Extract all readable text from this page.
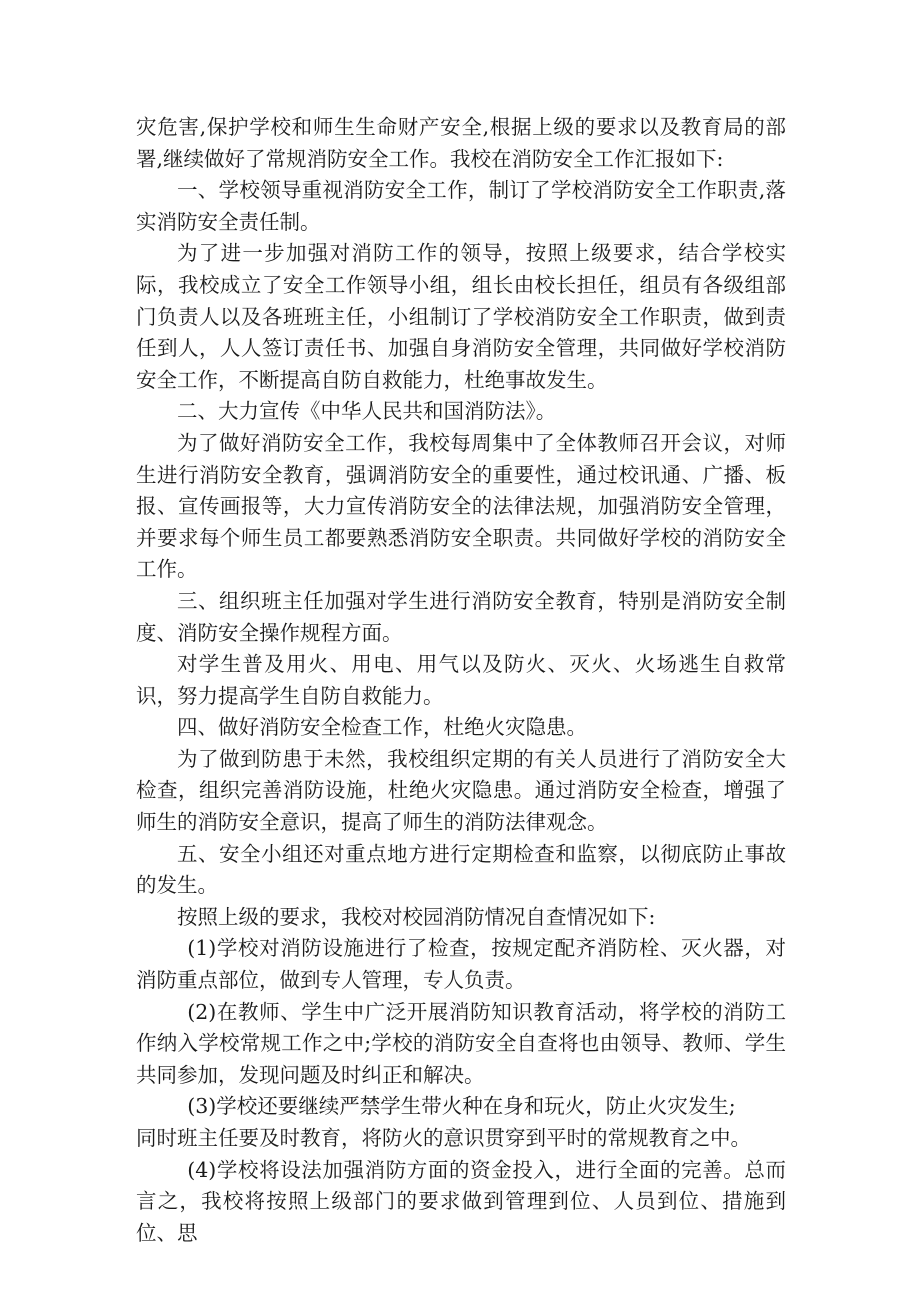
灾危害,保护学校和师生生命财产安全,根据上级的要求以及教育局的部署,继续做好了常规消防安全工作。我校在消防安全工作汇报如下:

一、学校领导重视消防安全工作，制订了学校消防安全工作职责,落实消防安全责任制。

为了进一步加强对消防工作的领导，按照上级要求，结合学校实际，我校成立了安全工作领导小组，组长由校长担任，组员有各级组部门负责人以及各班班主任，小组制订了学校消防安全工作职责，做到责任到人，人人签订责任书、加强自身消防安全管理，共同做好学校消防安全工作，不断提高自防自救能力，杜绝事故发生。

二、大力宣传《中华人民共和国消防法》。

为了做好消防安全工作，我校每周集中了全体教师召开会议，对师生进行消防安全教育，强调消防安全的重要性，通过校讯通、广播、板报、宣传画报等，大力宣传消防安全的法律法规，加强消防安全管理，并要求每个师生员工都要熟悉消防安全职责。共同做好学校的消防安全工作。

三、组织班主任加强对学生进行消防安全教育，特别是消防安全制度、消防安全操作规程方面。

对学生普及用火、用电、用气以及防火、灭火、火场逃生自救常识，努力提高学生自防自救能力。

四、做好消防安全检查工作，杜绝火灾隐患。

为了做到防患于未然，我校组织定期的有关人员进行了消防安全大检查，组织完善消防设施，杜绝火灾隐患。通过消防安全检查，增强了师生的消防安全意识，提高了师生的消防法律观念。

五、安全小组还对重点地方进行定期检查和监察，以彻底防止事故的发生。

按照上级的要求，我校对校园消防情况自查情况如下:

(1)学校对消防设施进行了检查，按规定配齐消防栓、灭火器，对消防重点部位，做到专人管理，专人负责。

(2)在教师、学生中广泛开展消防知识教育活动，将学校的消防工作纳入学校常规工作之中;学校的消防安全自查将也由领导、教师、学生共同参加，发现问题及时纠正和解决。

(3)学校还要继续严禁学生带火种在身和玩火，防止火灾发生;

同时班主任要及时教育，将防火的意识贯穿到平时的常规教育之中。

(4)学校将设法加强消防方面的资金投入，进行全面的完善。总而言之，我校将按照上级部门的要求做到管理到位、人员到位、措施到位、思
